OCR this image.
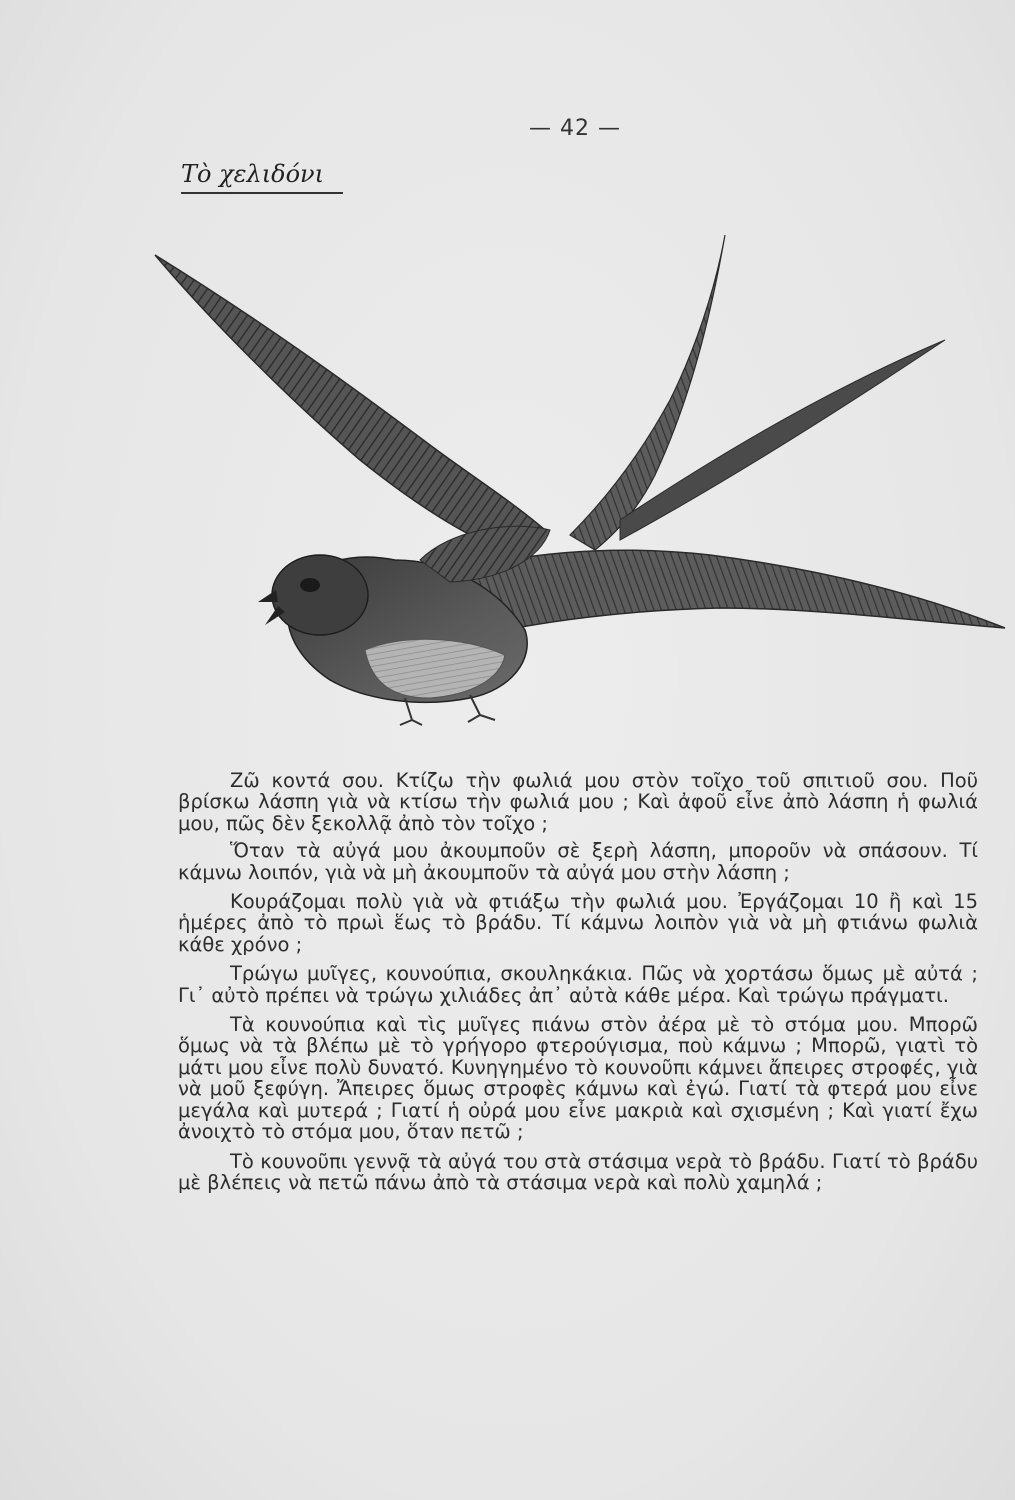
— 42 —
Τὸ χελιδόνι

Ζῶ κοντά σου. Κτίζω τὴν φωλιά μου στὸν τοῖχο τοῦ σπιτιοῦ σου. Ποῦ βρίσκω λάσπη γιὰ νὰ κτίσω τὴν φωλιά μου ; Καὶ ἀφοῦ εἶνε ἀπὸ λάσπη ἡ φωλιά μου, πῶς δὲν ξεκολλᾷ ἀπὸ τὸν τοῖχο ;

Ὅταν τὰ αὐγά μου ἀκουμποῦν σὲ ξερὴ λάσπη, μποροῦν νὰ σπάσουν. Τί κάμνω λοιπόν, γιὰ νὰ μὴ ἀκουμποῦν τὰ αὐγά μου στὴν λάσπη ;

Κουράζομαι πολὺ γιὰ νὰ φτιάξω τὴν φωλιά μου. Ἐργάζομαι 10 ἢ καὶ 15 ἡμέρες ἀπὸ τὸ πρωὶ ἕως τὸ βράδυ. Τί κάμνω λοιπὸν γιὰ νὰ μὴ φτιάνω φωλιὰ κάθε χρόνο ;

Τρώγω μυῖγες, κουνούπια, σκουληκάκια. Πῶς νὰ χορτάσω ὅμως μὲ αὐτά ; Γι᾽ αὐτὸ πρέπει νὰ τρώγω χιλιάδες ἀπ᾽ αὐτὰ κάθε μέρα. Καὶ τρώγω πράγματι.

Τὰ κουνούπια καὶ τὶς μυῖγες πιάνω στὸν ἀέρα μὲ τὸ στόμα μου. Μπορῶ ὅμως νὰ τὰ βλέπω μὲ τὸ γρήγορο φτερούγισμα, ποὺ κάμνω ; Μπορῶ, γιατὶ τὸ μάτι μου εἶνε πολὺ δυνατό. Κυνηγημένο τὸ κουνοῦπι κάμνει ἄπειρες στροφές, γιὰ νὰ μοῦ ξεφύγη. Ἄπειρες ὅμως στροφὲς κάμνω καὶ ἐγώ. Γιατί τὰ φτερά μου εἶνε μεγάλα καὶ μυτερά ; Γιατί ἡ οὐρά μου εἶνε μακριὰ καὶ σχισμένη ; Καὶ γιατί ἔχω ἀνοιχτὸ τὸ στόμα μου, ὅταν πετῶ ;

Τὸ κουνοῦπι γεννᾷ τὰ αὐγά του στὰ στάσιμα νερὰ τὸ βράδυ. Γιατί τὸ βράδυ μὲ βλέπεις νὰ πετῶ πάνω ἀπὸ τὰ στάσιμα νερὰ καὶ πολὺ χαμηλά ;
